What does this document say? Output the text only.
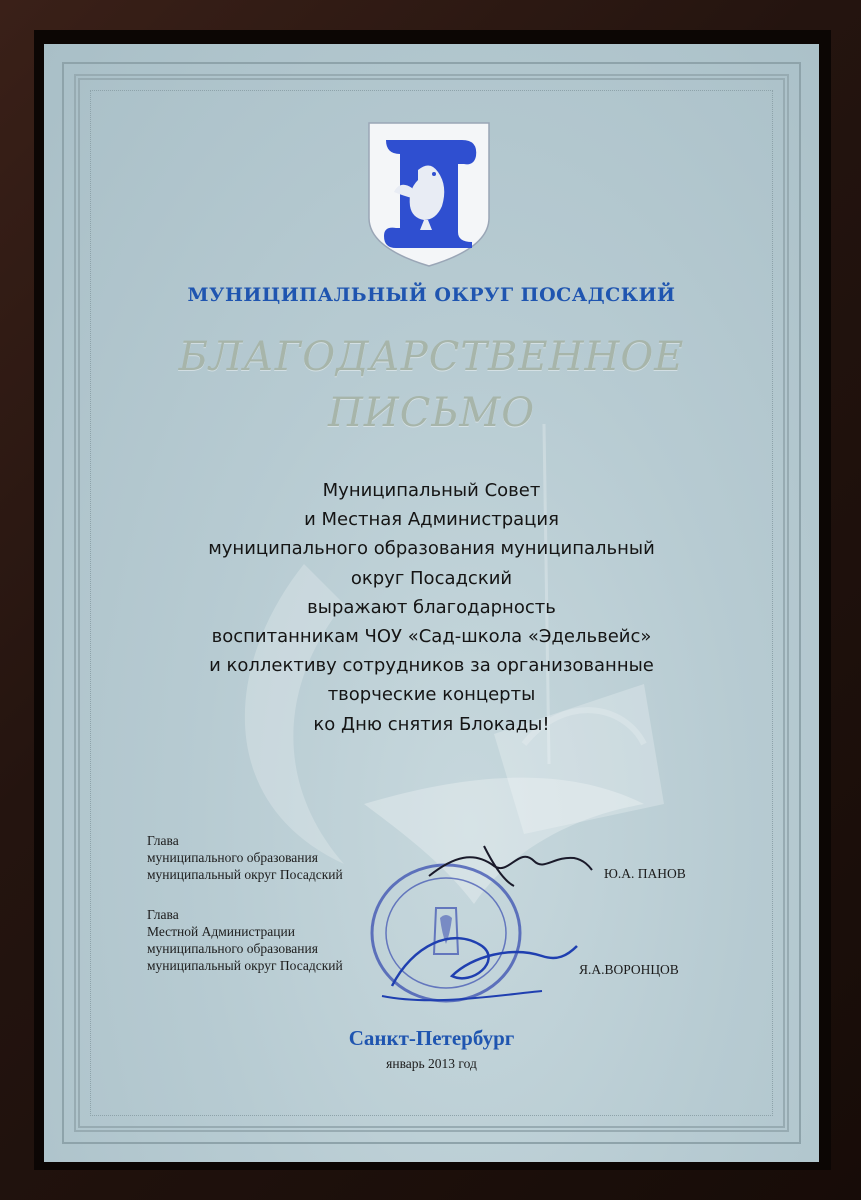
МУНИЦИПАЛЬНЫЙ ОКРУГ ПОСАДСКИЙ
БЛАГОДАРСТВЕННОЕ
ПИСЬМО
Муниципальный Совет
и Местная Администрация
муниципального образования муниципальный
округ Посадский
выражают благодарность
воспитанникам ЧОУ «Сад-школа «Эдельвейс»
и коллективу сотрудников за организованные
творческие концерты
ко Дню снятия Блокады!
Глава
муниципального образования
муниципальный округ Посадский	Ю.А. ПАНОВ
Глава
Местной Администрации
муниципального образования
муниципальный округ Посадский	Я.А.ВОРОНЦОВ
Санкт-Петербург
январь 2013 год
